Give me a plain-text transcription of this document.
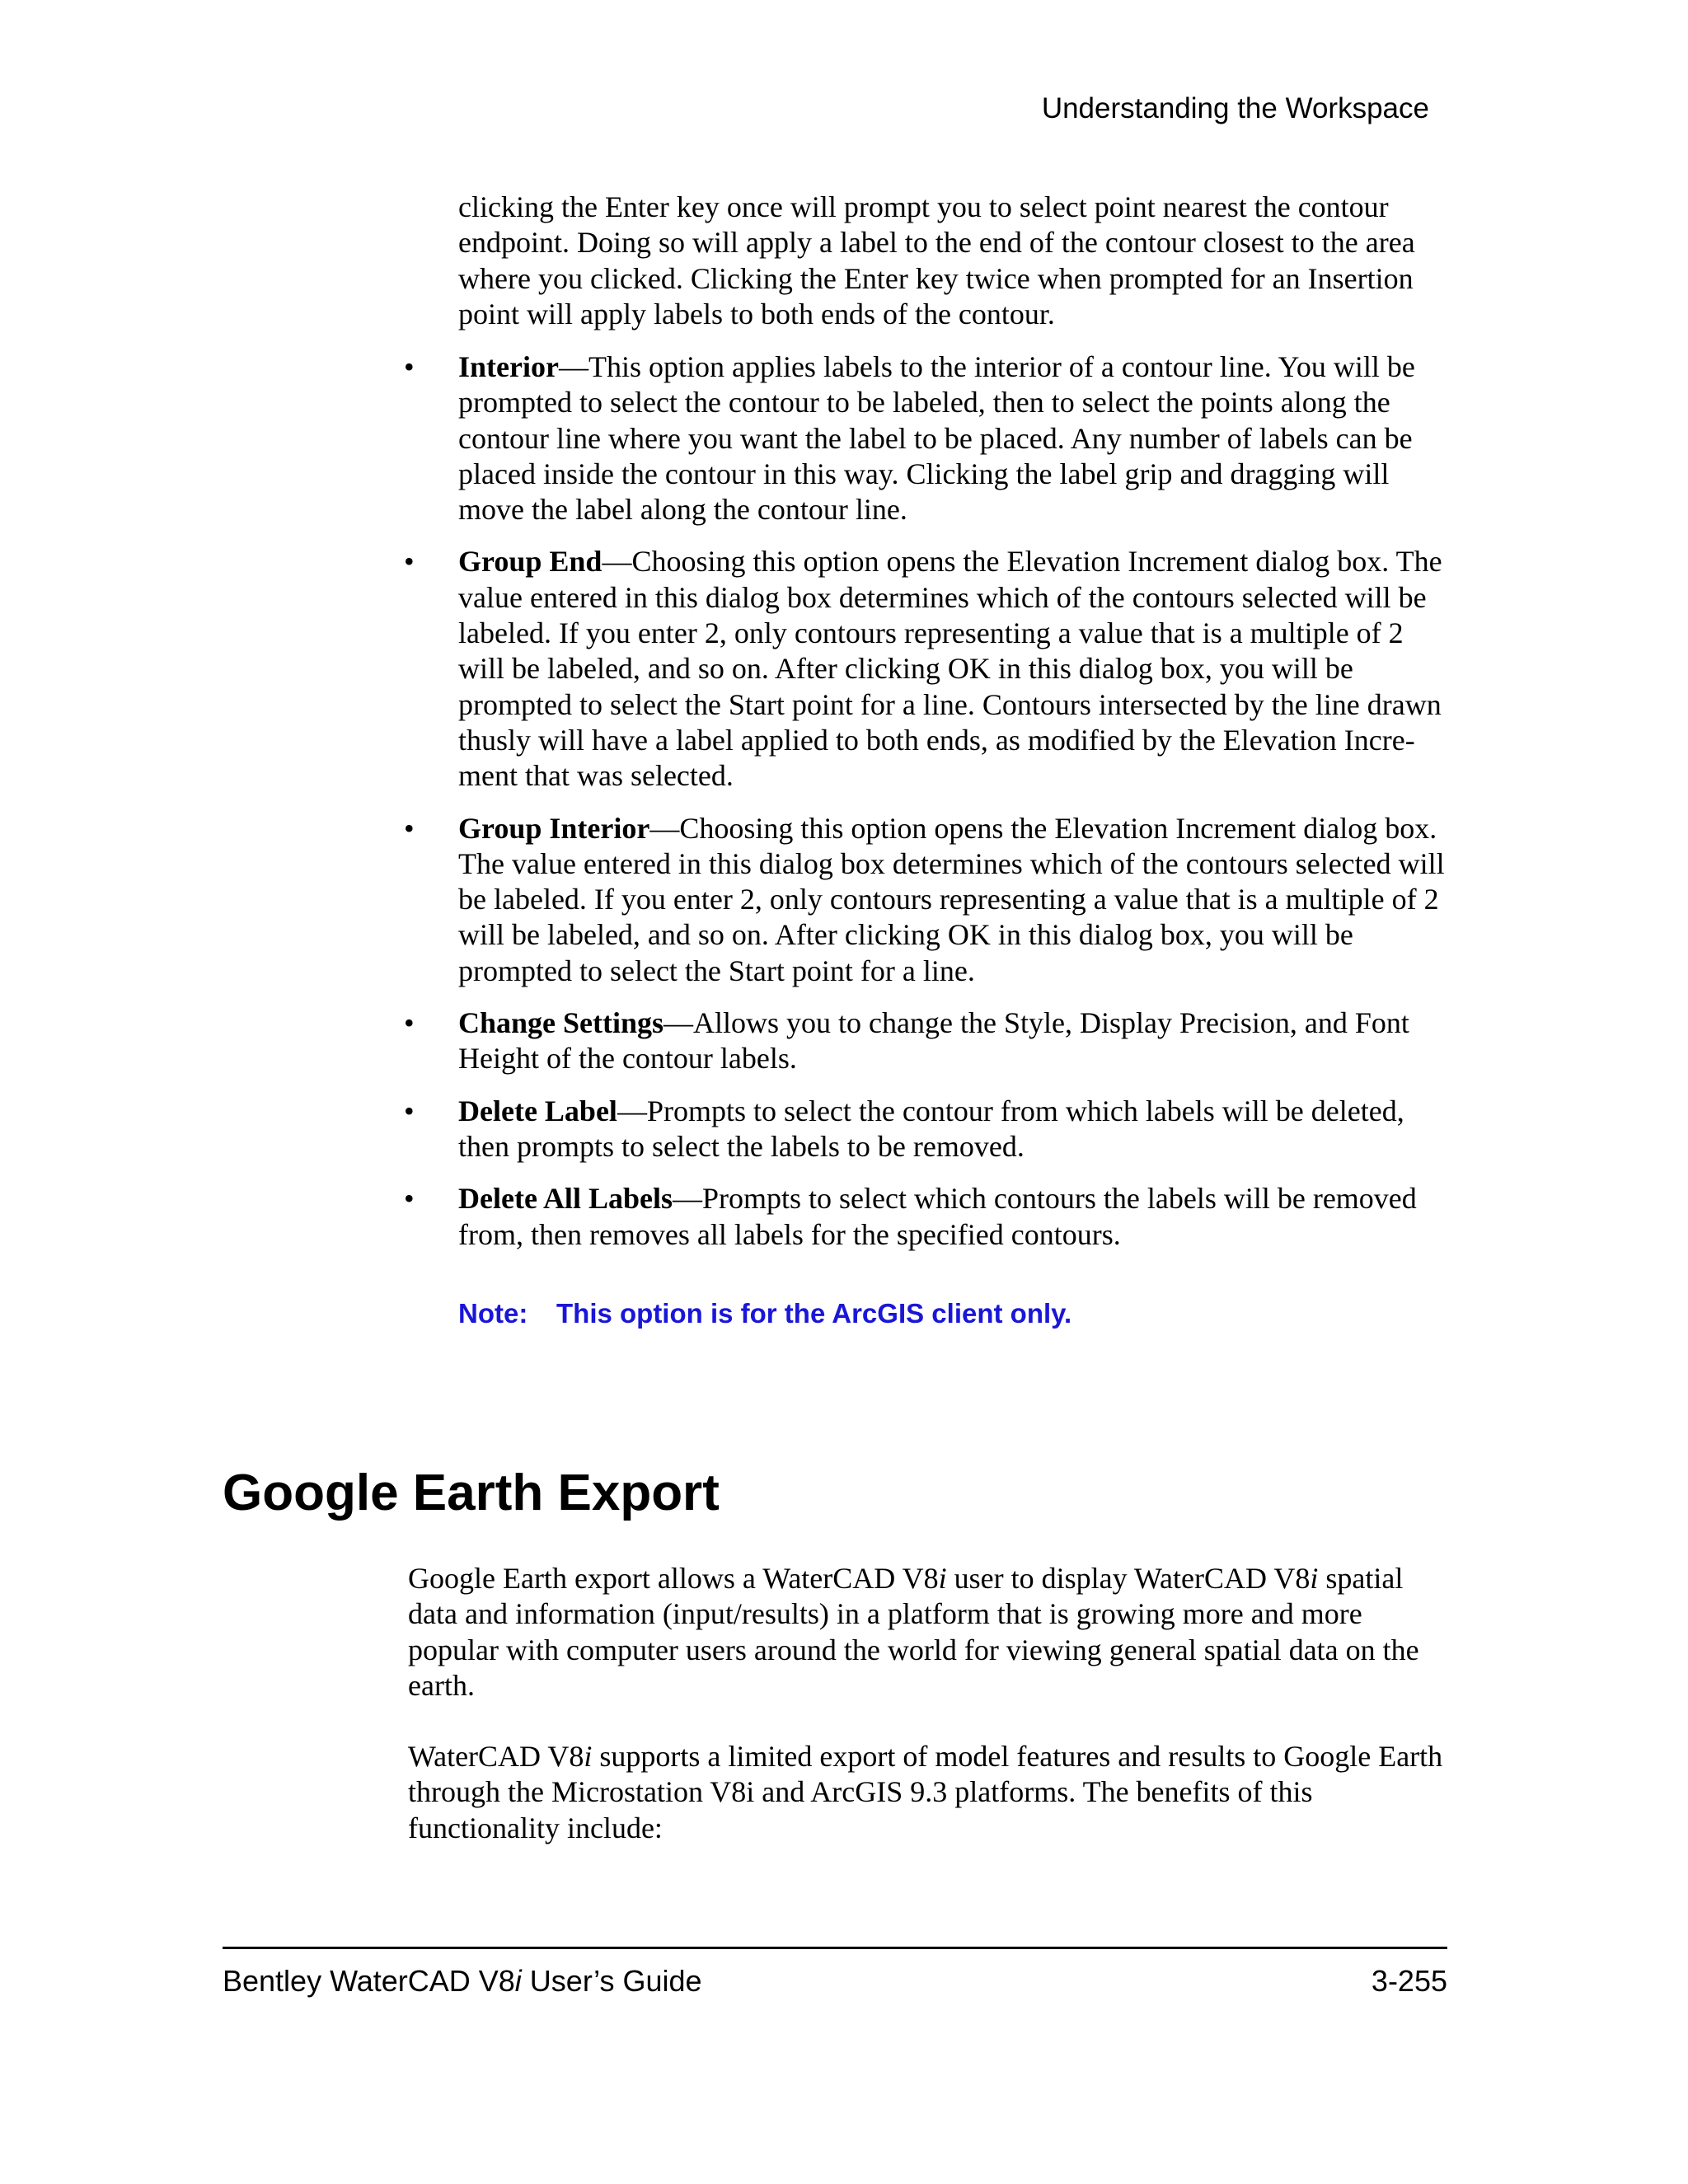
Understanding the Workspace

clicking the Enter key once will prompt you to select point nearest the contour endpoint. Doing so will apply a label to the end of the contour closest to the area where you clicked. Clicking the Enter key twice when prompted for an Insertion point will apply labels to both ends of the contour.

• Interior—This option applies labels to the interior of a contour line. You will be prompted to select the contour to be labeled, then to select the points along the contour line where you want the label to be placed. Any number of labels can be placed inside the contour in this way. Clicking the label grip and dragging will move the label along the contour line.
• Group End—Choosing this option opens the Elevation Increment dialog box. The value entered in this dialog box determines which of the contours selected will be labeled. If you enter 2, only contours representing a value that is a multiple of 2 will be labeled, and so on. After clicking OK in this dialog box, you will be prompted to select the Start point for a line. Contours intersected by the line drawn thusly will have a label applied to both ends, as modified by the Elevation Incre-ment that was selected.
• Group Interior—Choosing this option opens the Elevation Increment dialog box. The value entered in this dialog box determines which of the contours selected will be labeled. If you enter 2, only contours representing a value that is a multiple of 2 will be labeled, and so on. After clicking OK in this dialog box, you will be prompted to select the Start point for a line.
• Change Settings—Allows you to change the Style, Display Precision, and Font Height of the contour labels.
• Delete Label—Prompts to select the contour from which labels will be deleted, then prompts to select the labels to be removed.
• Delete All Labels—Prompts to select which contours the labels will be removed from, then removes all labels for the specified contours.
Note: This option is for the ArcGIS client only.
Google Earth Export

Google Earth export allows a WaterCAD V8i user to display WaterCAD V8i spatial data and information (input/results) in a platform that is growing more and more popular with computer users around the world for viewing general spatial data on the earth.

WaterCAD V8i supports a limited export of model features and results to Google Earth through the Microstation V8i and ArcGIS 9.3 platforms. The benefits of this functionality include:

Bentley WaterCAD V8i User’s Guide	3-255
